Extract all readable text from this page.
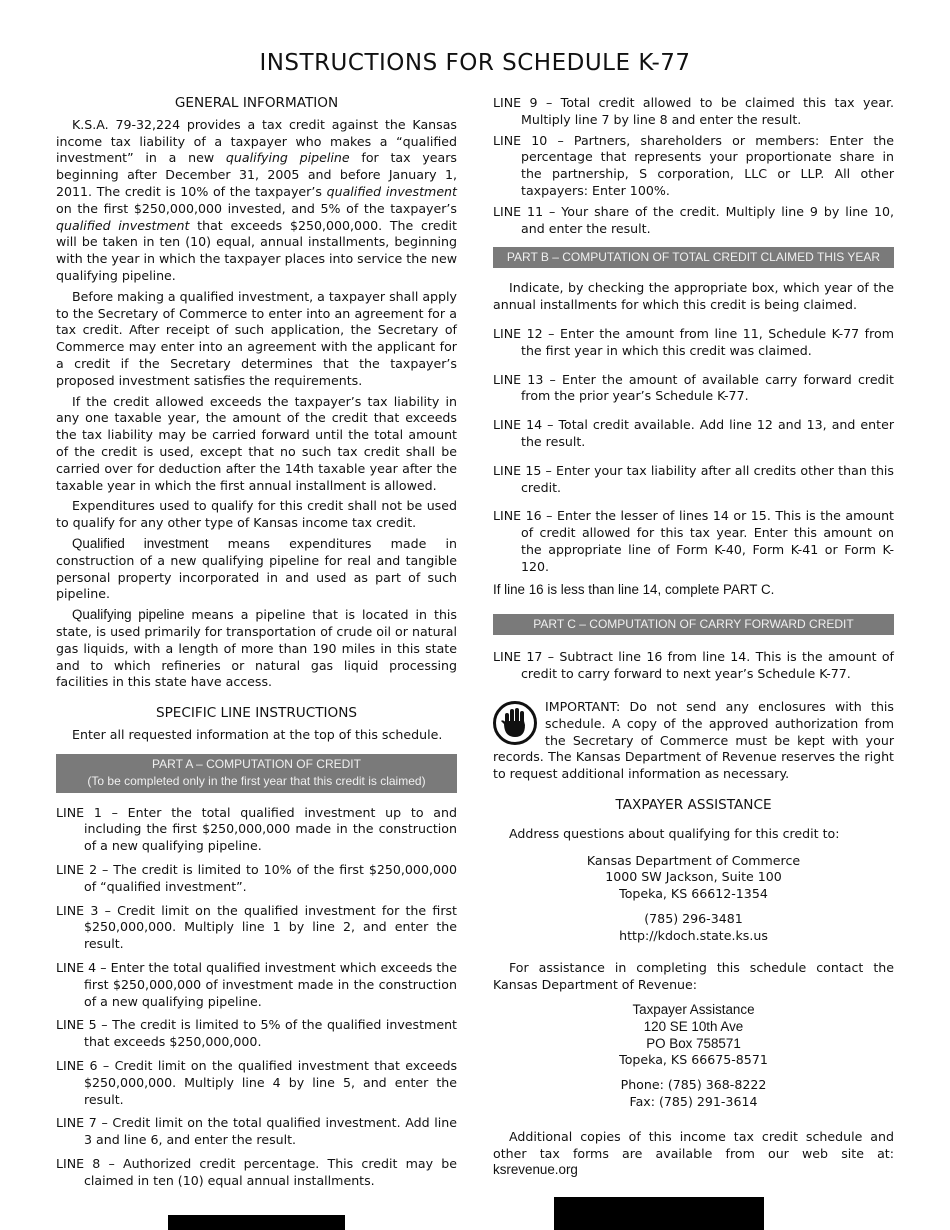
INSTRUCTIONS FOR SCHEDULE K-77
GENERAL INFORMATION

K.S.A. 79-32,224 provides a tax credit against the Kansas income tax liability of a taxpayer who makes a “qualified investment” in a new qualifying pipeline for tax years beginning after December 31, 2005 and before January 1, 2011. The credit is 10% of the taxpayer’s qualified investment on the first $250,000,000 invested, and 5% of the taxpayer’s qualified investment that exceeds $250,000,000. The credit will be taken in ten (10) equal, annual installments, beginning with the year in which the taxpayer places into service the new qualifying pipeline.

Before making a qualified investment, a taxpayer shall apply to the Secretary of Commerce to enter into an agreement for a tax credit. After receipt of such application, the Secretary of Commerce may enter into an agreement with the applicant for a credit if the Secretary determines that the taxpayer’s proposed investment satisfies the requirements.

If the credit allowed exceeds the taxpayer’s tax liability in any one taxable year, the amount of the credit that exceeds the tax liability may be carried forward until the total amount of the credit is used, except that no such tax credit shall be carried over for deduction after the 14th taxable year after the taxable year in which the first annual installment is allowed.

Expenditures used to qualify for this credit shall not be used to qualify for any other type of Kansas income tax credit.

Qualified investment means expenditures made in construction of a new qualifying pipeline for real and tangible personal property incorporated in and used as part of such pipeline.

Qualifying pipeline means a pipeline that is located in this state, is used primarily for transportation of crude oil or natural gas liquids, with a length of more than 190 miles in this state and to which refineries or natural gas liquid processing facilities in this state have access.

SPECIFIC LINE INSTRUCTIONS

Enter all requested information at the top of this schedule.

PART A – COMPUTATION OF CREDIT
(To be completed only in the first year that this credit is claimed)
LINE 1 – Enter the total qualified investment up to and including the first $250,000,000 made in the construction of a new qualifying pipeline.
LINE 2 – The credit is limited to 10% of the first $250,000,000 of “qualified investment”.
LINE 3 – Credit limit on the qualified investment for the first $250,000,000. Multiply line 1 by line 2, and enter the result.
LINE 4 – Enter the total qualified investment which exceeds the first $250,000,000 of investment made in the construction of a new qualifying pipeline.
LINE 5 – The credit is limited to 5% of the qualified investment that exceeds $250,000,000.
LINE 6 – Credit limit on the qualified investment that exceeds $250,000,000. Multiply line 4 by line 5, and enter the result.
LINE 7 – Credit limit on the total qualified investment. Add line 3 and line 6, and enter the result.
LINE 8 – Authorized credit percentage. This credit may be claimed in ten (10) equal annual installments.
LINE 9 – Total credit allowed to be claimed this tax year. Multiply line 7 by line 8 and enter the result.
LINE 10 – Partners, shareholders or members: Enter the percentage that represents your proportionate share in the partnership, S corporation, LLC or LLP. All other taxpayers: Enter 100%.
LINE 11 – Your share of the credit. Multiply line 9 by line 10, and enter the result.
PART B – COMPUTATION OF TOTAL CREDIT CLAIMED THIS YEAR

Indicate, by checking the appropriate box, which year of the annual installments for which this credit is being claimed.

LINE 12 – Enter the amount from line 11, Schedule K-77 from the first year in which this credit was claimed.
LINE 13 – Enter the amount of available carry forward credit from the prior year’s Schedule K-77.
LINE 14 – Total credit available. Add line 12 and 13, and enter the result.
LINE 15 – Enter your tax liability after all credits other than this credit.
LINE 16 – Enter the lesser of lines 14 or 15. This is the amount of credit allowed for this tax year. Enter this amount on the appropriate line of Form K-40, Form K-41 or Form K-120.

If line 16 is less than line 14, complete PART C.

PART C – COMPUTATION OF CARRY FORWARD CREDIT
LINE 17 – Subtract line 16 from line 14. This is the amount of credit to carry forward to next year’s Schedule K-77.
IMPORTANT: Do not send any enclosures with this schedule. A copy of the approved authorization from the Secretary of Commerce must be kept with your records. The Kansas Department of Revenue reserves the right to request additional information as necessary.
TAXPAYER ASSISTANCE

Address questions about qualifying for this credit to:

Kansas Department of Commerce

1000 SW Jackson, Suite 100

Topeka, KS 66612-1354

(785) 296-3481

http://kdoch.state.ks.us

For assistance in completing this schedule contact the Kansas Department of Revenue:

Taxpayer Assistance

120 SE 10th Ave

PO Box 758571

Topeka, KS 66675-8571

Phone: (785) 368-8222

Fax: (785) 291-3614

Additional copies of this income tax credit schedule and other tax forms are available from our web site at: ksrevenue.org
